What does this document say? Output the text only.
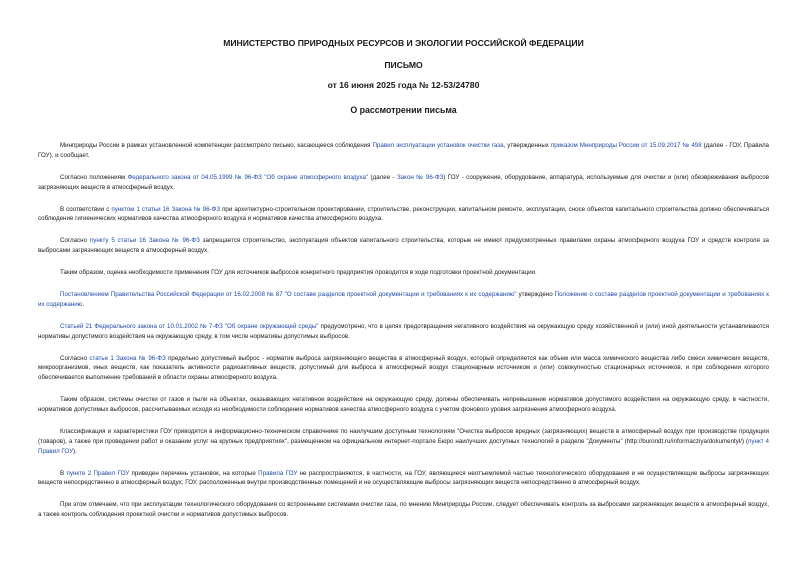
МИНИСТЕРСТВО ПРИРОДНЫХ РЕСУРСОВ И ЭКОЛОГИИ РОССИЙСКОЙ ФЕДЕРАЦИИ
ПИСЬМО
от 16 июня 2025 года № 12-53/24780
О рассмотрении письма

Минприроды России в рамках установленной компетенции рассмотрело письмо, касающееся соблюдения Правил эксплуатации установок очистки газа, утвержденных приказом Минприроды России от 15.09.2017 № 498 (далее - ГОУ, Правила ГОУ), и сообщает.

Согласно положениям Федерального закона от 04.05.1999 № 96-ФЗ "Об охране атмосферного воздуха" (далее - Закон № 96-ФЗ) ГОУ - сооружение, оборудование, аппаратура, используемые для очистки и (или) обезвреживания выбросов загрязняющих веществ в атмосферный воздух.

В соответствии с пунктом 1 статьи 16 Закона № 96-ФЗ при архитектурно-строительном проектировании, строительстве, реконструкции, капитальном ремонте, эксплуатации, сносе объектов капитального строительства должно обеспечиваться соблюдение гигиенических нормативов качества атмосферного воздуха и нормативов качества атмосферного воздуха.

Согласно пункту 5 статьи 16 Закона № 96-ФЗ запрещается строительство, эксплуатация объектов капитального строительства, которые не имеют предусмотренных правилами охраны атмосферного воздуха ГОУ и средств контроля за выбросами загрязняющих веществ в атмосферный воздух.

Таким образом, оценка необходимости применения ГОУ для источников выбросов конкретного предприятия проводится в ходе подготовки проектной документации.

Постановлением Правительства Российской Федерации от 16.02.2008 № 87 "О составе разделов проектной документации и требованиях к их содержанию" утверждено Положение о составе разделов проектной документации и требованиях к их содержанию.

Статьей 21 Федерального закона от 10.01.2002 № 7-ФЗ "Об охране окружающей среды" предусмотрено, что в целях предотвращения негативного воздействия на окружающую среду хозяйственной и (или) иной деятельности устанавливаются нормативы допустимого воздействия на окружающую среду, в том числе нормативы допустимых выбросов.

Согласно статье 1 Закона № 96-ФЗ предельно допустимый выброс - норматив выброса загрязняющего вещества в атмосферный воздух, который определяется как объем или масса химического вещества либо смеси химических веществ, микроорганизмов, иных веществ, как показатель активности радиоактивных веществ, допустимый для выброса в атмосферный воздух стационарным источником и (или) совокупностью стационарных источников, и при соблюдении которого обеспечивается выполнение требований в области охраны атмосферного воздуха.

Таким образом, системы очистки от газов и пыли на объектах, оказывающих негативное воздействие на окружающую среду, должны обеспечивать непревышение нормативов допустимого воздействия на окружающую среду, в частности, нормативов допустимых выбросов, рассчитываемых исходя из необходимости соблюдения нормативов качества атмосферного воздуха с учетом фонового уровня загрязнения атмосферного воздуха.

Классификация и характеристики ГОУ приводятся в информационно-техническом справочнике по наилучшим доступным технологиям "Очистка выбросов вредных (загрязняющих) веществ в атмосферный воздух при производстве продукции (товаров), а также при проведении работ и оказании услуг на крупных предприятиях", размещенном на официальном интернет-портале Бюро наилучших доступных технологий в разделе "Документы" (http://burondt.ru/informacziya/dokumentyl/) (пункт 4 Правил ГОУ).

В пункте 2 Правил ГОУ приведен перечень установок, на которые Правила ГОУ не распространяются, в частности, на ГОУ, являющиеся неотъемлемой частью технологического оборудования и не осуществляющие выбросы загрязняющих веществ непосредственно в атмосферный воздух; ГОУ, расположенные внутри производственных помещений и не осуществляющие выбросы загрязняющих веществ непосредственно в атмосферный воздух.

При этом отмечаем, что при эксплуатации технологического оборудования со встроенными системами очистки газа, по мнению Минприроды России, следует обеспечивать контроль за выбросами загрязняющих веществ в атмосферный воздух, а также контроль соблюдения проектной очистки и нормативов допустимых выбросов.
